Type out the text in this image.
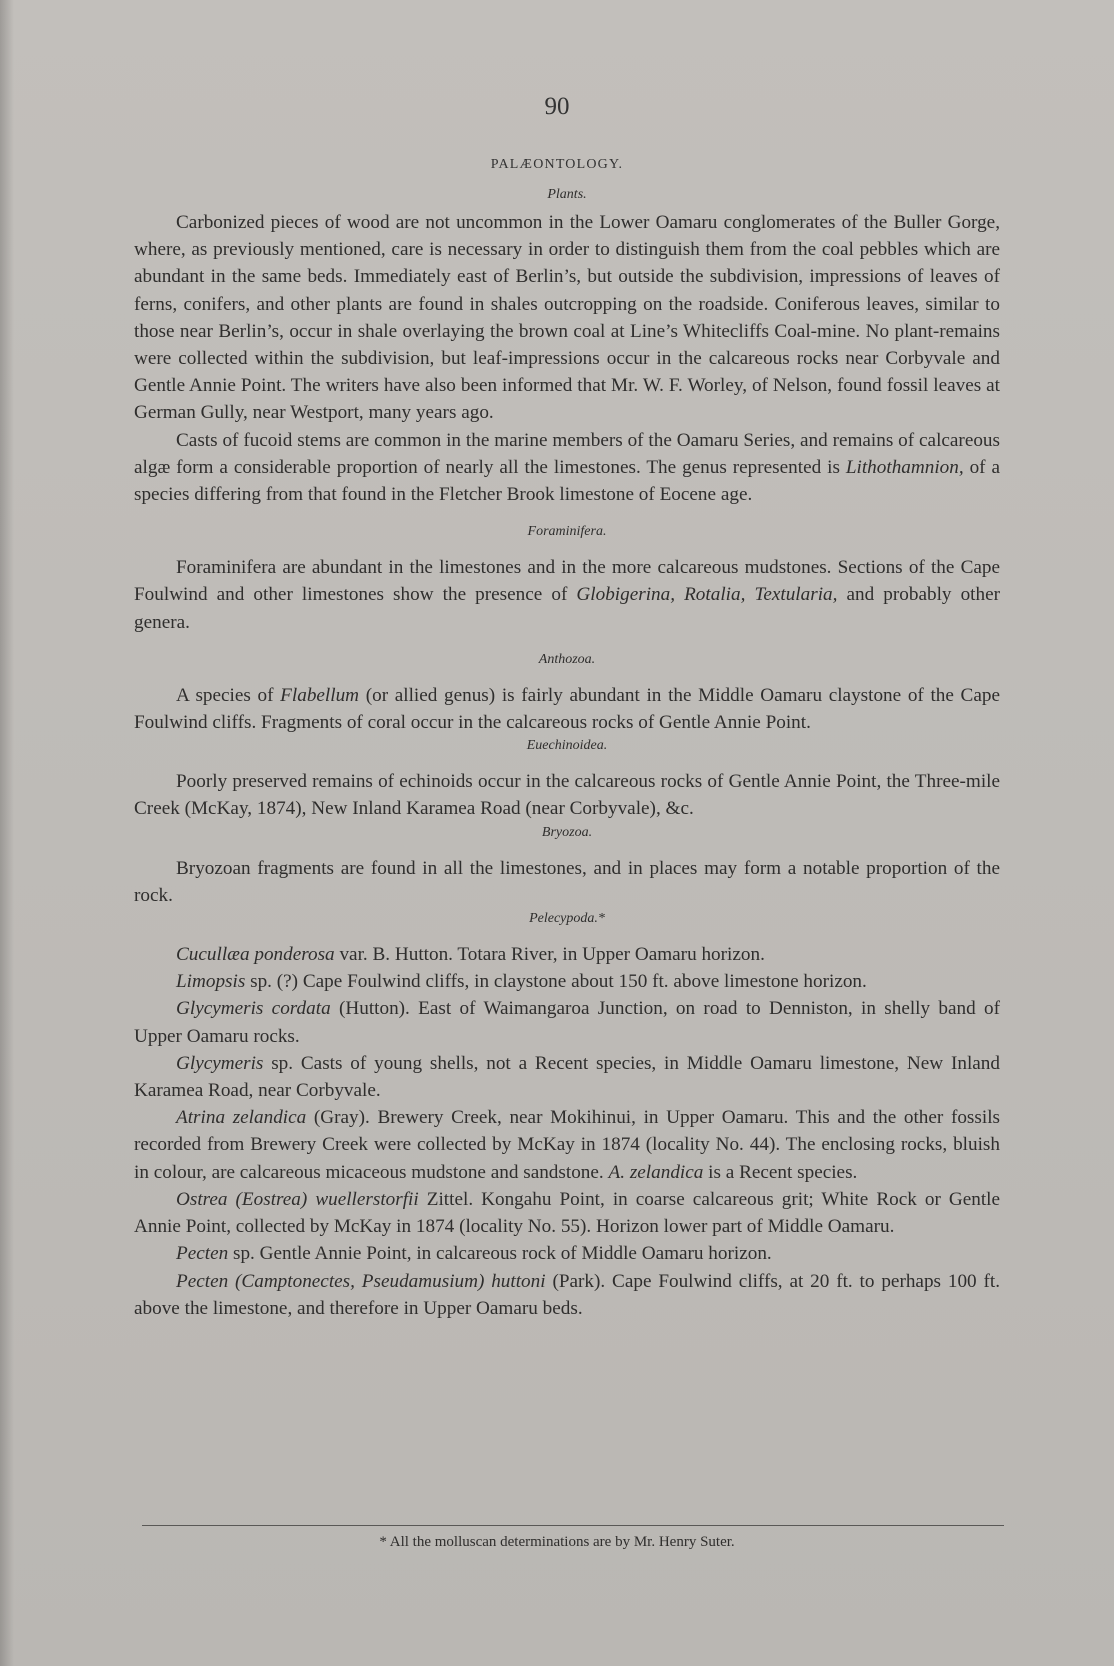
90
PALÆONTOLOGY.
Plants.

Carbonized pieces of wood are not uncommon in the Lower Oamaru conglomerates of the Buller Gorge, where, as previously mentioned, care is necessary in order to distinguish them from the coal pebbles which are abundant in the same beds. Immediately east of Berlin’s, but outside the subdivision, impressions of leaves of ferns, conifers, and other plants are found in shales outcropping on the roadside. Coniferous leaves, similar to those near Berlin’s, occur in shale overlaying the brown coal at Line’s Whitecliffs Coal-mine. No plant-remains were collected within the subdivision, but leaf-impressions occur in the calcareous rocks near Corbyvale and Gentle Annie Point. The writers have also been informed that Mr. W. F. Worley, of Nelson, found fossil leaves at German Gully, near Westport, many years ago.

Casts of fucoid stems are common in the marine members of the Oamaru Series, and remains of calcareous algæ form a considerable proportion of nearly all the limestones. The genus represented is Lithothamnion, of a species differing from that found in the Fletcher Brook limestone of Eocene age.

Foraminifera.

Foraminifera are abundant in the limestones and in the more calcareous mudstones. Sections of the Cape Foulwind and other limestones show the presence of Globigerina, Rotalia, Textularia, and probably other genera.

Anthozoa.

A species of Flabellum (or allied genus) is fairly abundant in the Middle Oamaru claystone of the Cape Foulwind cliffs. Fragments of coral occur in the calcareous rocks of Gentle Annie Point.

Euechinoidea.

Poorly preserved remains of echinoids occur in the calcareous rocks of Gentle Annie Point, the Three-mile Creek (McKay, 1874), New Inland Karamea Road (near Corbyvale), &c.

Bryozoa.

Bryozoan fragments are found in all the limestones, and in places may form a notable proportion of the rock.

Pelecypoda.*

Cucullæa ponderosa var. B. Hutton. Totara River, in Upper Oamaru horizon.

Limopsis sp. (?) Cape Foulwind cliffs, in claystone about 150 ft. above limestone horizon.

Glycymeris cordata (Hutton). East of Waimangaroa Junction, on road to Denniston, in shelly band of Upper Oamaru rocks.

Glycymeris sp. Casts of young shells, not a Recent species, in Middle Oamaru limestone, New Inland Karamea Road, near Corbyvale.

Atrina zelandica (Gray). Brewery Creek, near Mokihinui, in Upper Oamaru. This and the other fossils recorded from Brewery Creek were collected by McKay in 1874 (locality No. 44). The enclosing rocks, bluish in colour, are calcareous micaceous mudstone and sandstone. A. zelandica is a Recent species.

Ostrea (Eostrea) wuellerstorfii Zittel. Kongahu Point, in coarse calcareous grit; White Rock or Gentle Annie Point, collected by McKay in 1874 (locality No. 55). Horizon lower part of Middle Oamaru.

Pecten sp. Gentle Annie Point, in calcareous rock of Middle Oamaru horizon.

Pecten (Camptonectes, Pseudamusium) huttoni (Park). Cape Foulwind cliffs, at 20 ft. to perhaps 100 ft. above the limestone, and therefore in Upper Oamaru beds.

* All the molluscan determinations are by Mr. Henry Suter.
